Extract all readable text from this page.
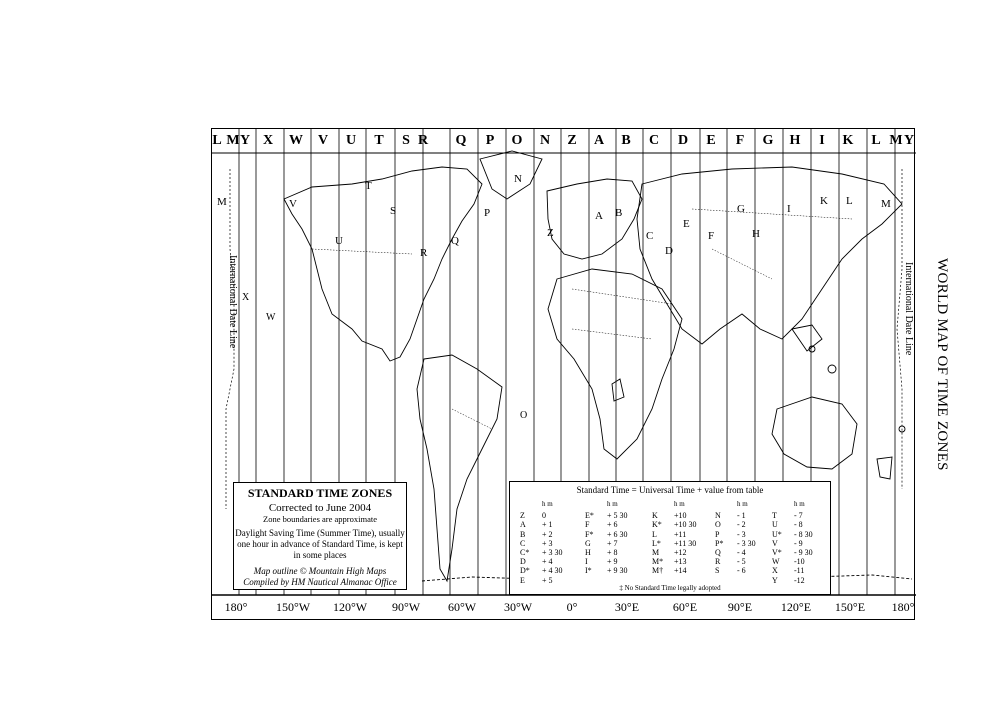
L M Y X W V U T S R Q P O N Z A B C D E F G H I K L M Y
180° 150°W 120°W 90°W 60°W 30°W	0°	30°E	60°E	90°E 120°E 150°E 180°
WORLD MAP OF TIME ZONES
International Date Line	International Date Line
M	V
U
T
S
R
Q
P
N
Z
A B
C
D
E
F
G
H
I
K L	M
X
W
O
STANDARD TIME ZONES
Corrected to June 2004
Zone boundaries are approximate
Daylight Saving Time (Summer Time), usually one hour in advance of Standard Time, is kept in some places
Map outline © Mountain High Maps
Compiled by HM Nautical Almanac Office
Standard Time = Universal Time + value from table
h m
Z	0
A	+ 1
B	+ 2
C	+ 3
C*	+ 3 30
D	+ 4
D*	+ 4 30
E	+ 5
h m
E*	+ 5 30
F	+ 6
F*	+ 6 30
G	+ 7
H	+ 8
I	+ 9
I*	+ 9 30
h m
K	+10
K*	+10 30
L	+11
L*	+11 30
M	+12
M*	+13
M†	+14
h m
N	- 1
O	- 2
P	- 3
P*	- 3 30
Q	- 4
R	- 5
S	- 6
h m
T	- 7
U	- 8
U*	- 8 30
V	- 9
V*	- 9 30
W	-10
X	-11
Y	-12
‡ No Standard Time legally adopted
